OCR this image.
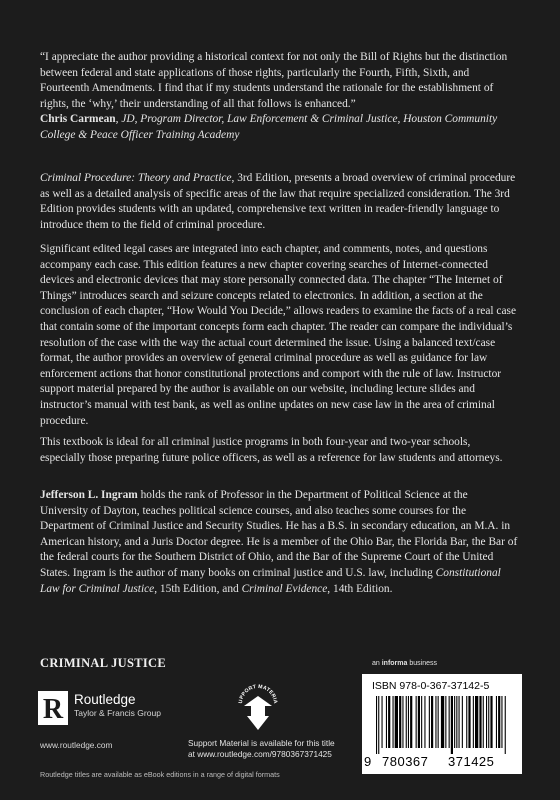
“I appreciate the author providing a historical context for not only the Bill of Rights but the distinction between federal and state applications of those rights, particularly the Fourth, Fifth, Sixth, and Fourteenth Amendments. I find that if my students understand the rationale for the establishment of rights, the ‘why,’ their understanding of all that follows is enhanced.”
Chris Carmean, JD, Program Director, Law Enforcement & Criminal Justice, Houston Community College & Peace Officer Training Academy

Criminal Procedure: Theory and Practice, 3rd Edition, presents a broad overview of criminal procedure as well as a detailed analysis of specific areas of the law that require specialized consideration. The 3rd Edition provides students with an updated, comprehensive text written in reader-friendly language to introduce them to the field of criminal procedure.

Significant edited legal cases are integrated into each chapter, and comments, notes, and questions accompany each case. This edition features a new chapter covering searches of Internet-connected devices and electronic devices that may store personally connected data. The chapter “The Internet of Things” introduces search and seizure concepts related to electronics. In addition, a section at the conclusion of each chapter, “How Would You Decide,” allows readers to examine the facts of a real case that contain some of the important concepts form each chapter. The reader can compare the individual’s resolution of the case with the way the actual court determined the issue. Using a balanced text/case format, the author provides an overview of general criminal procedure as well as guidance for law enforcement actions that honor constitutional protections and comport with the rule of law. Instructor support material prepared by the author is available on our website, including lecture slides and instructor’s manual with test bank, as well as online updates on new case law in the area of criminal procedure.

This textbook is ideal for all criminal justice programs in both four-year and two-year schools, especially those preparing future police officers, as well as a reference for law students and attorneys.

Jefferson L. Ingram holds the rank of Professor in the Department of Political Science at the University of Dayton, teaches political science courses, and also teaches some courses for the Department of Criminal Justice and Security Studies. He has a B.S. in secondary education, an M.A. in American history, and a Juris Doctor degree. He is a member of the Ohio Bar, the Florida Bar, the Bar of the federal courts for the Southern District of Ohio, and the Bar of the Supreme Court of the United States. Ingram is the author of many books on criminal justice and U.S. law, including Constitutional Law for Criminal Justice, 15th Edition, and Criminal Evidence, 14th Edition.

CRIMINAL JUSTICE
R Routledge
Taylor & Francis Group
www.routledge.com
UPPORT MATERIA
Support Material is available for this title at www.routledge.com/9780367371425
an informa business
ISBN 978-0-367-37142-5
9 780367 371425
Routledge titles are available as eBook editions in a range of digital formats
